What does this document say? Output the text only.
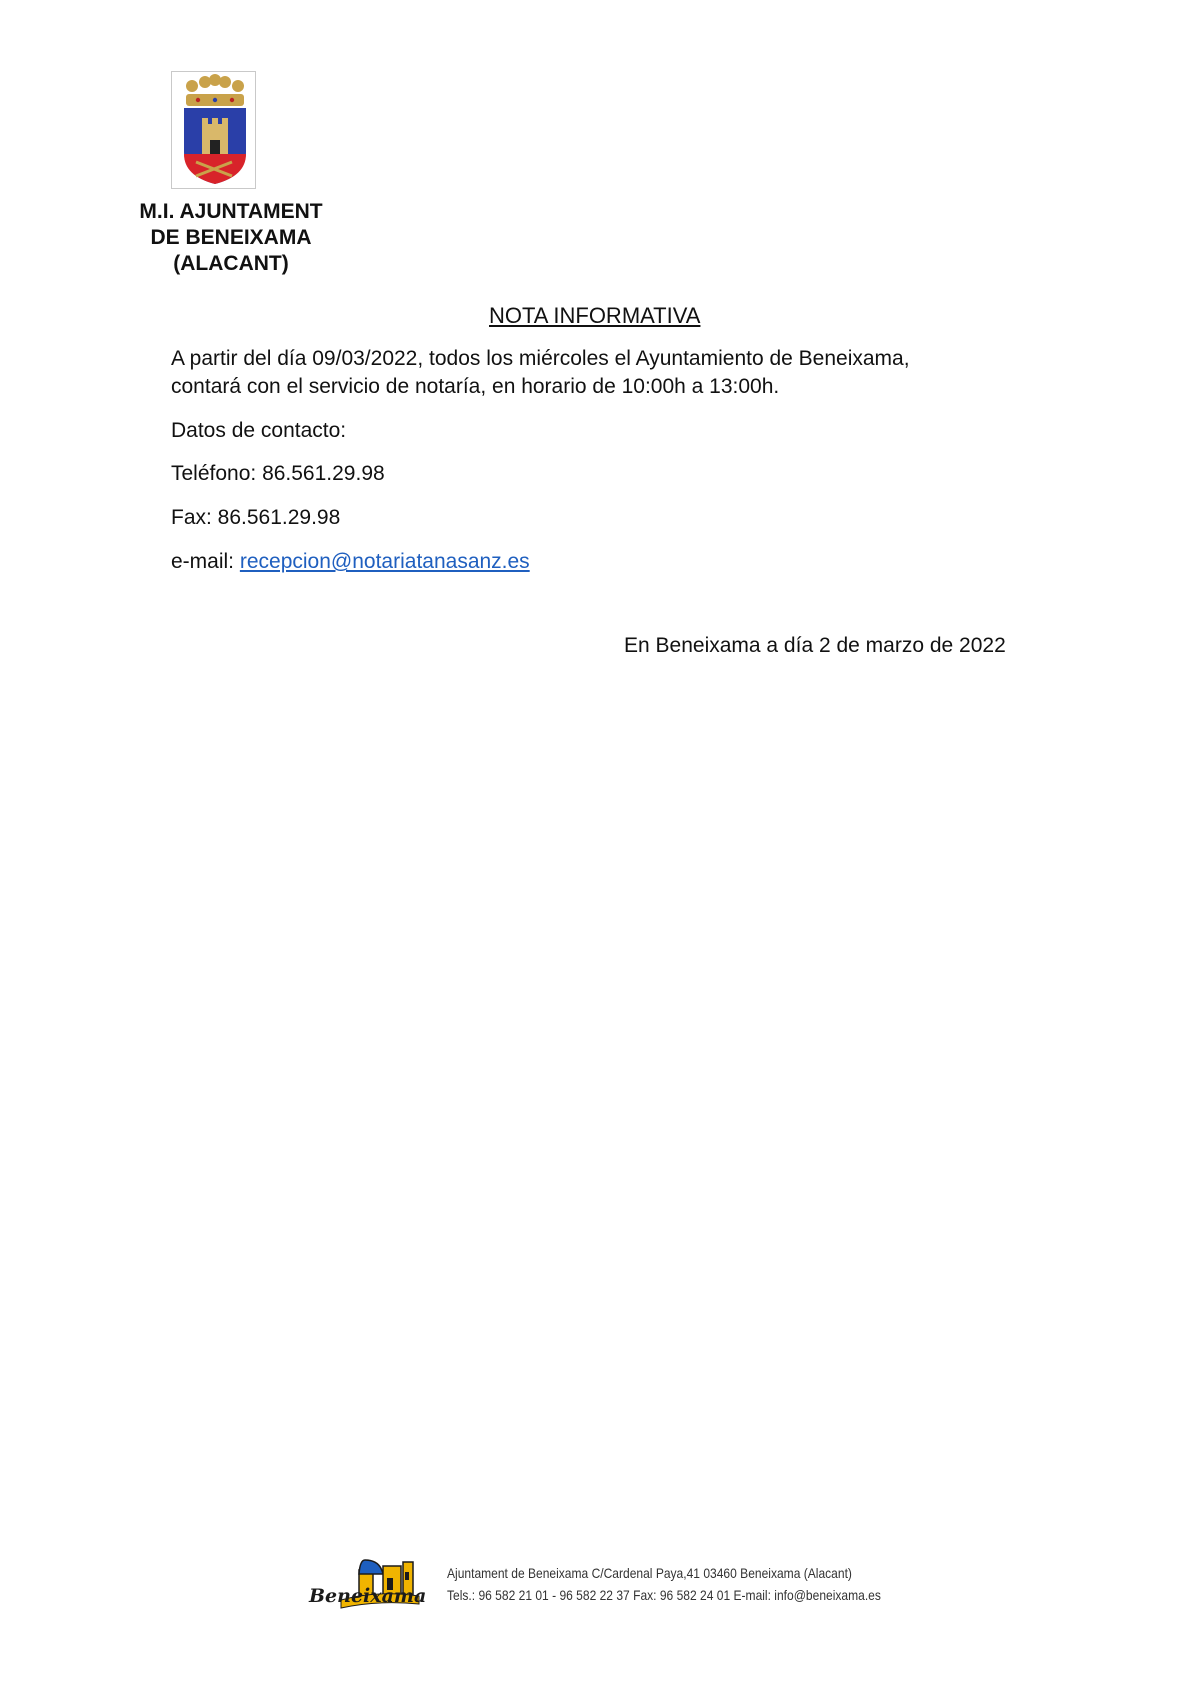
M.I. AJUNTAMENT
DE BENEIXAMA
(ALACANT)
NOTA INFORMATIVA
A partir del día 09/03/2022, todos los miércoles el Ayuntamiento de Beneixama,
contará con el servicio de notaría, en horario de 10:00h a 13:00h.
Datos de contacto:
Teléfono: 86.561.29.98
Fax: 86.561.29.98
e-mail: recepcion@notariatanasanz.es
En Beneixama a día 2 de marzo de 2022
Beneixama
Ajuntament de Beneixama C/Cardenal Paya,41 03460 Beneixama (Alacant)
Tels.: 96 582 21 01 - 96 582 22 37 Fax: 96 582 24 01 E-mail: info@beneixama.es
